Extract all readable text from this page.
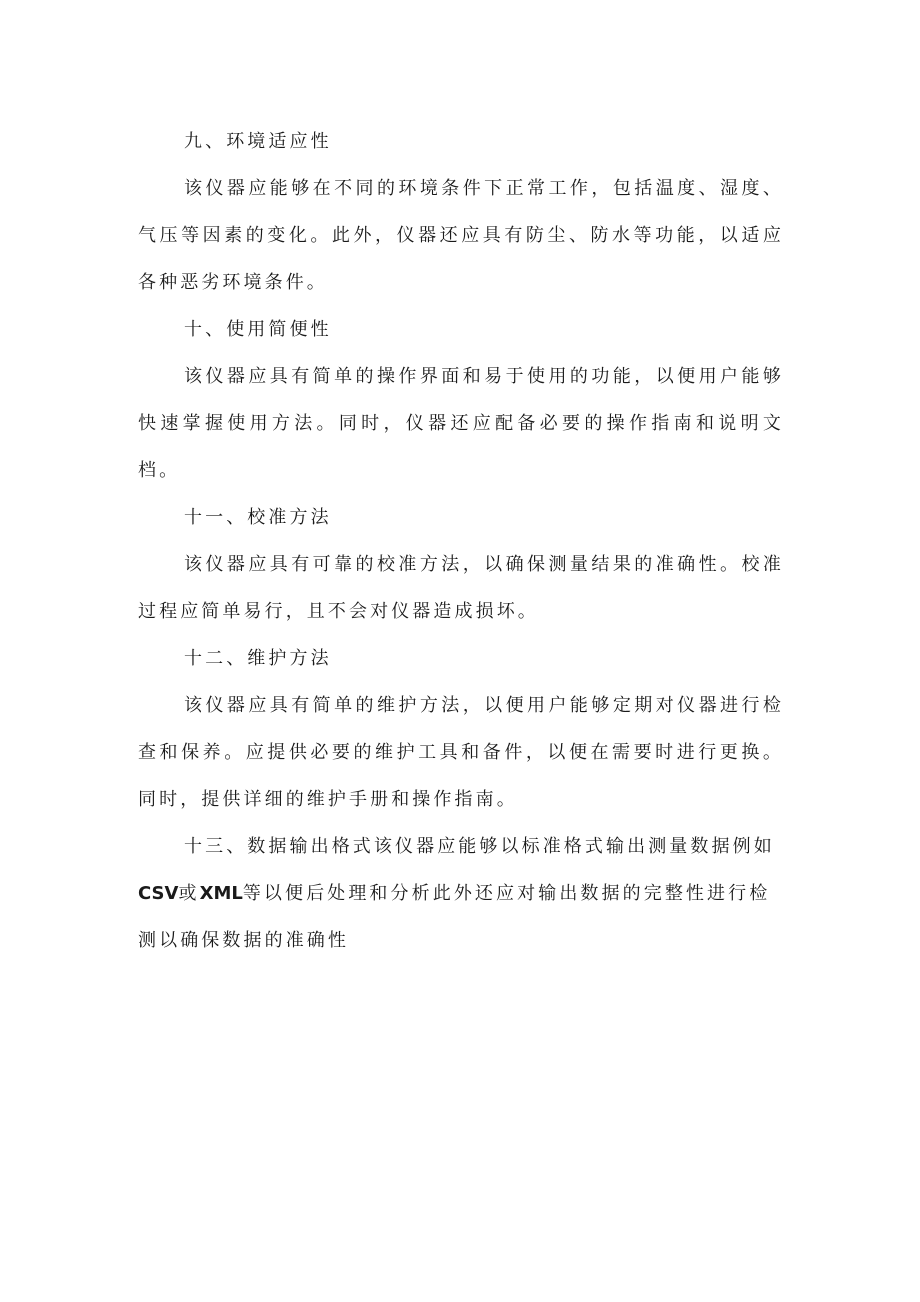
九、环境适应性

该仪器应能够在不同的环境条件下正常工作，包括温度、湿度、气压等因素的变化。此外，仪器还应具有防尘、防水等功能，以适应各种恶劣环境条件。

十、使用简便性

该仪器应具有简单的操作界面和易于使用的功能，以便用户能够快速掌握使用方法。同时，仪器还应配备必要的操作指南和说明文档。

十一、校准方法

该仪器应具有可靠的校准方法，以确保测量结果的准确性。校准过程应简单易行，且不会对仪器造成损坏。

十二、维护方法

该仪器应具有简单的维护方法，以便用户能够定期对仪器进行检查和保养。应提供必要的维护工具和备件，以便在需要时进行更换。同时，提供详细的维护手册和操作指南。

十三、数据输出格式该仪器应能够以标准格式输出测量数据例如CSV或XML等以便后处理和分析此外还应对输出数据的完整性进行检测以确保数据的准确性
